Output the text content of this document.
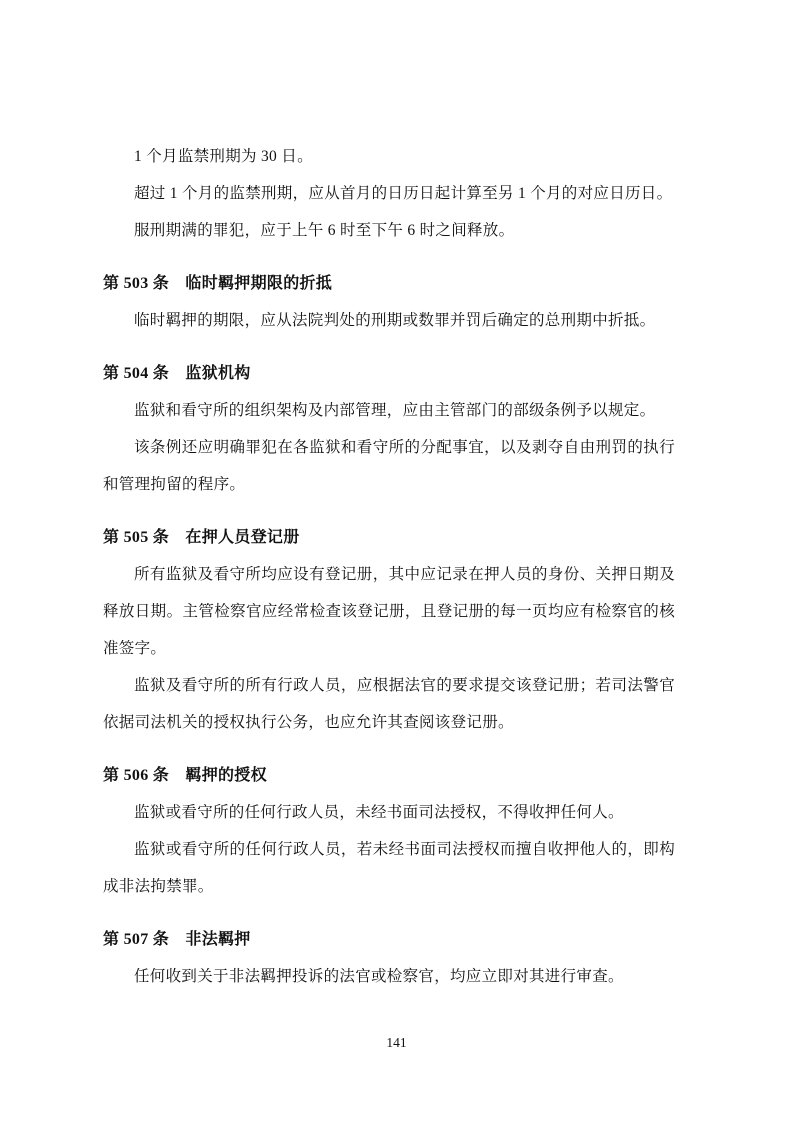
1 个月监禁刑期为 30 日。

超过 1 个月的监禁刑期，应从首月的日历日起计算至另 1 个月的对应日历日。

服刑期满的罪犯，应于上午 6 时至下午 6 时之间释放。

第 503 条　临时羁押期限的折抵

临时羁押的期限，应从法院判处的刑期或数罪并罚后确定的总刑期中折抵。

第 504 条　监狱机构

监狱和看守所的组织架构及内部管理，应由主管部门的部级条例予以规定。

该条例还应明确罪犯在各监狱和看守所的分配事宜，以及剥夺自由刑罚的执行和管理拘留的程序。

第 505 条　在押人员登记册

所有监狱及看守所均应设有登记册，其中应记录在押人员的身份、关押日期及释放日期。主管检察官应经常检查该登记册，且登记册的每一页均应有检察官的核准签字。

监狱及看守所的所有行政人员，应根据法官的要求提交该登记册；若司法警官依据司法机关的授权执行公务，也应允许其查阅该登记册。

第 506 条　羁押的授权

监狱或看守所的任何行政人员，未经书面司法授权，不得收押任何人。

监狱或看守所的任何行政人员，若未经书面司法授权而擅自收押他人的，即构成非法拘禁罪。

第 507 条　非法羁押

任何收到关于非法羁押投诉的法官或检察官，均应立即对其进行审查。

141
